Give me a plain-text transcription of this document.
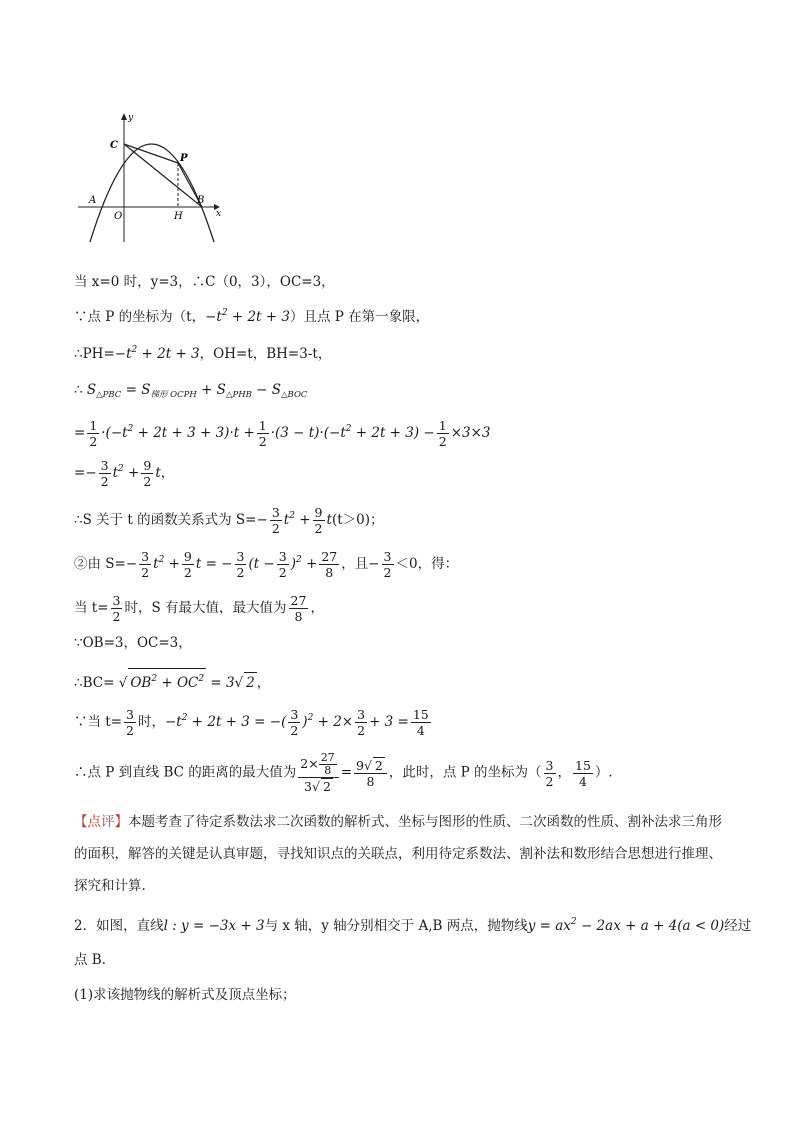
y
x
C
P
A
O	H
B
当 x=0 时，y=3，∴C（0，3），OC=3，
∵点 P 的坐标为（t，$-t^2 + 2t + 3$）且点 P 在第一象限，
$\therefore PH=-t^2 + 2t + 3$，OH=t，BH=3-t，
∴ $S_{\triangle PBC} = S_{梯形 OCPH} + S_{\triangle PHB} - S_{\triangle BOC}$
= $\frac{1}{2} \cdot(-t^2 + 2t + 3 + 3)\cdot t + \frac{1}{2} \cdot(3 - t)\cdot(-t^2 + 2t + 3) - \frac{1}{2} \times 3\times 3$
=− $\frac{3}{2} t^2 + \frac{9}{2}$ t，
∴S 关于 t 的函数关系式为 $S=- \frac{3}{2} t^2 + \frac{9}{2} t(t>0)$；
②由 $S=- \frac{3}{2} t^2 + \frac{9}{2}$ t = − $\frac{3}{2} (t - \frac{3}{2} )^2 + \frac{27}{8}$ ，且− $\frac{3}{2} <0$，得：
当 $t= \frac{3}{2}$ 时，S 有最大值，最大值为 $\frac{27}{8}$ ，
∵OB=3，OC=3，
∴BC= √ $OB^2 + OC^2 = 3√$ 2 ，
∵当 $t= \frac{3}{2}$ 时，$-t^2 + 2t + 3$ = −( $\frac{3}{2} )^2 + 2\times \frac{3}{2} + 3 = \frac{15}{4}$
∴点 P 到直线 BC 的距离的最大值为 $\frac{2\times \frac{27}{8}}{3√ 2} = \frac{9√ 2}{8}$ ，此时，点 P 的坐标为（ $\frac{3}{2}$ ， $\frac{15}{4}$ ）.
【点评】本题考查了待定系数法求二次函数的解析式、坐标与图形的性质、二次函数的性质、割补法求三角形的面积，解答的关键是认真审题，寻找知识点的关联点，利用待定系数法、割补法和数形结合思想进行推理、探究和计算.
2．如图，直线l : y = −3x + 3与 x 轴，y 轴分别相交于 A,B 两点，抛物线$y = ax^2 - 2ax + a + 4(a < 0)$经过
点 B．
(1)求该抛物线的解析式及顶点坐标；
